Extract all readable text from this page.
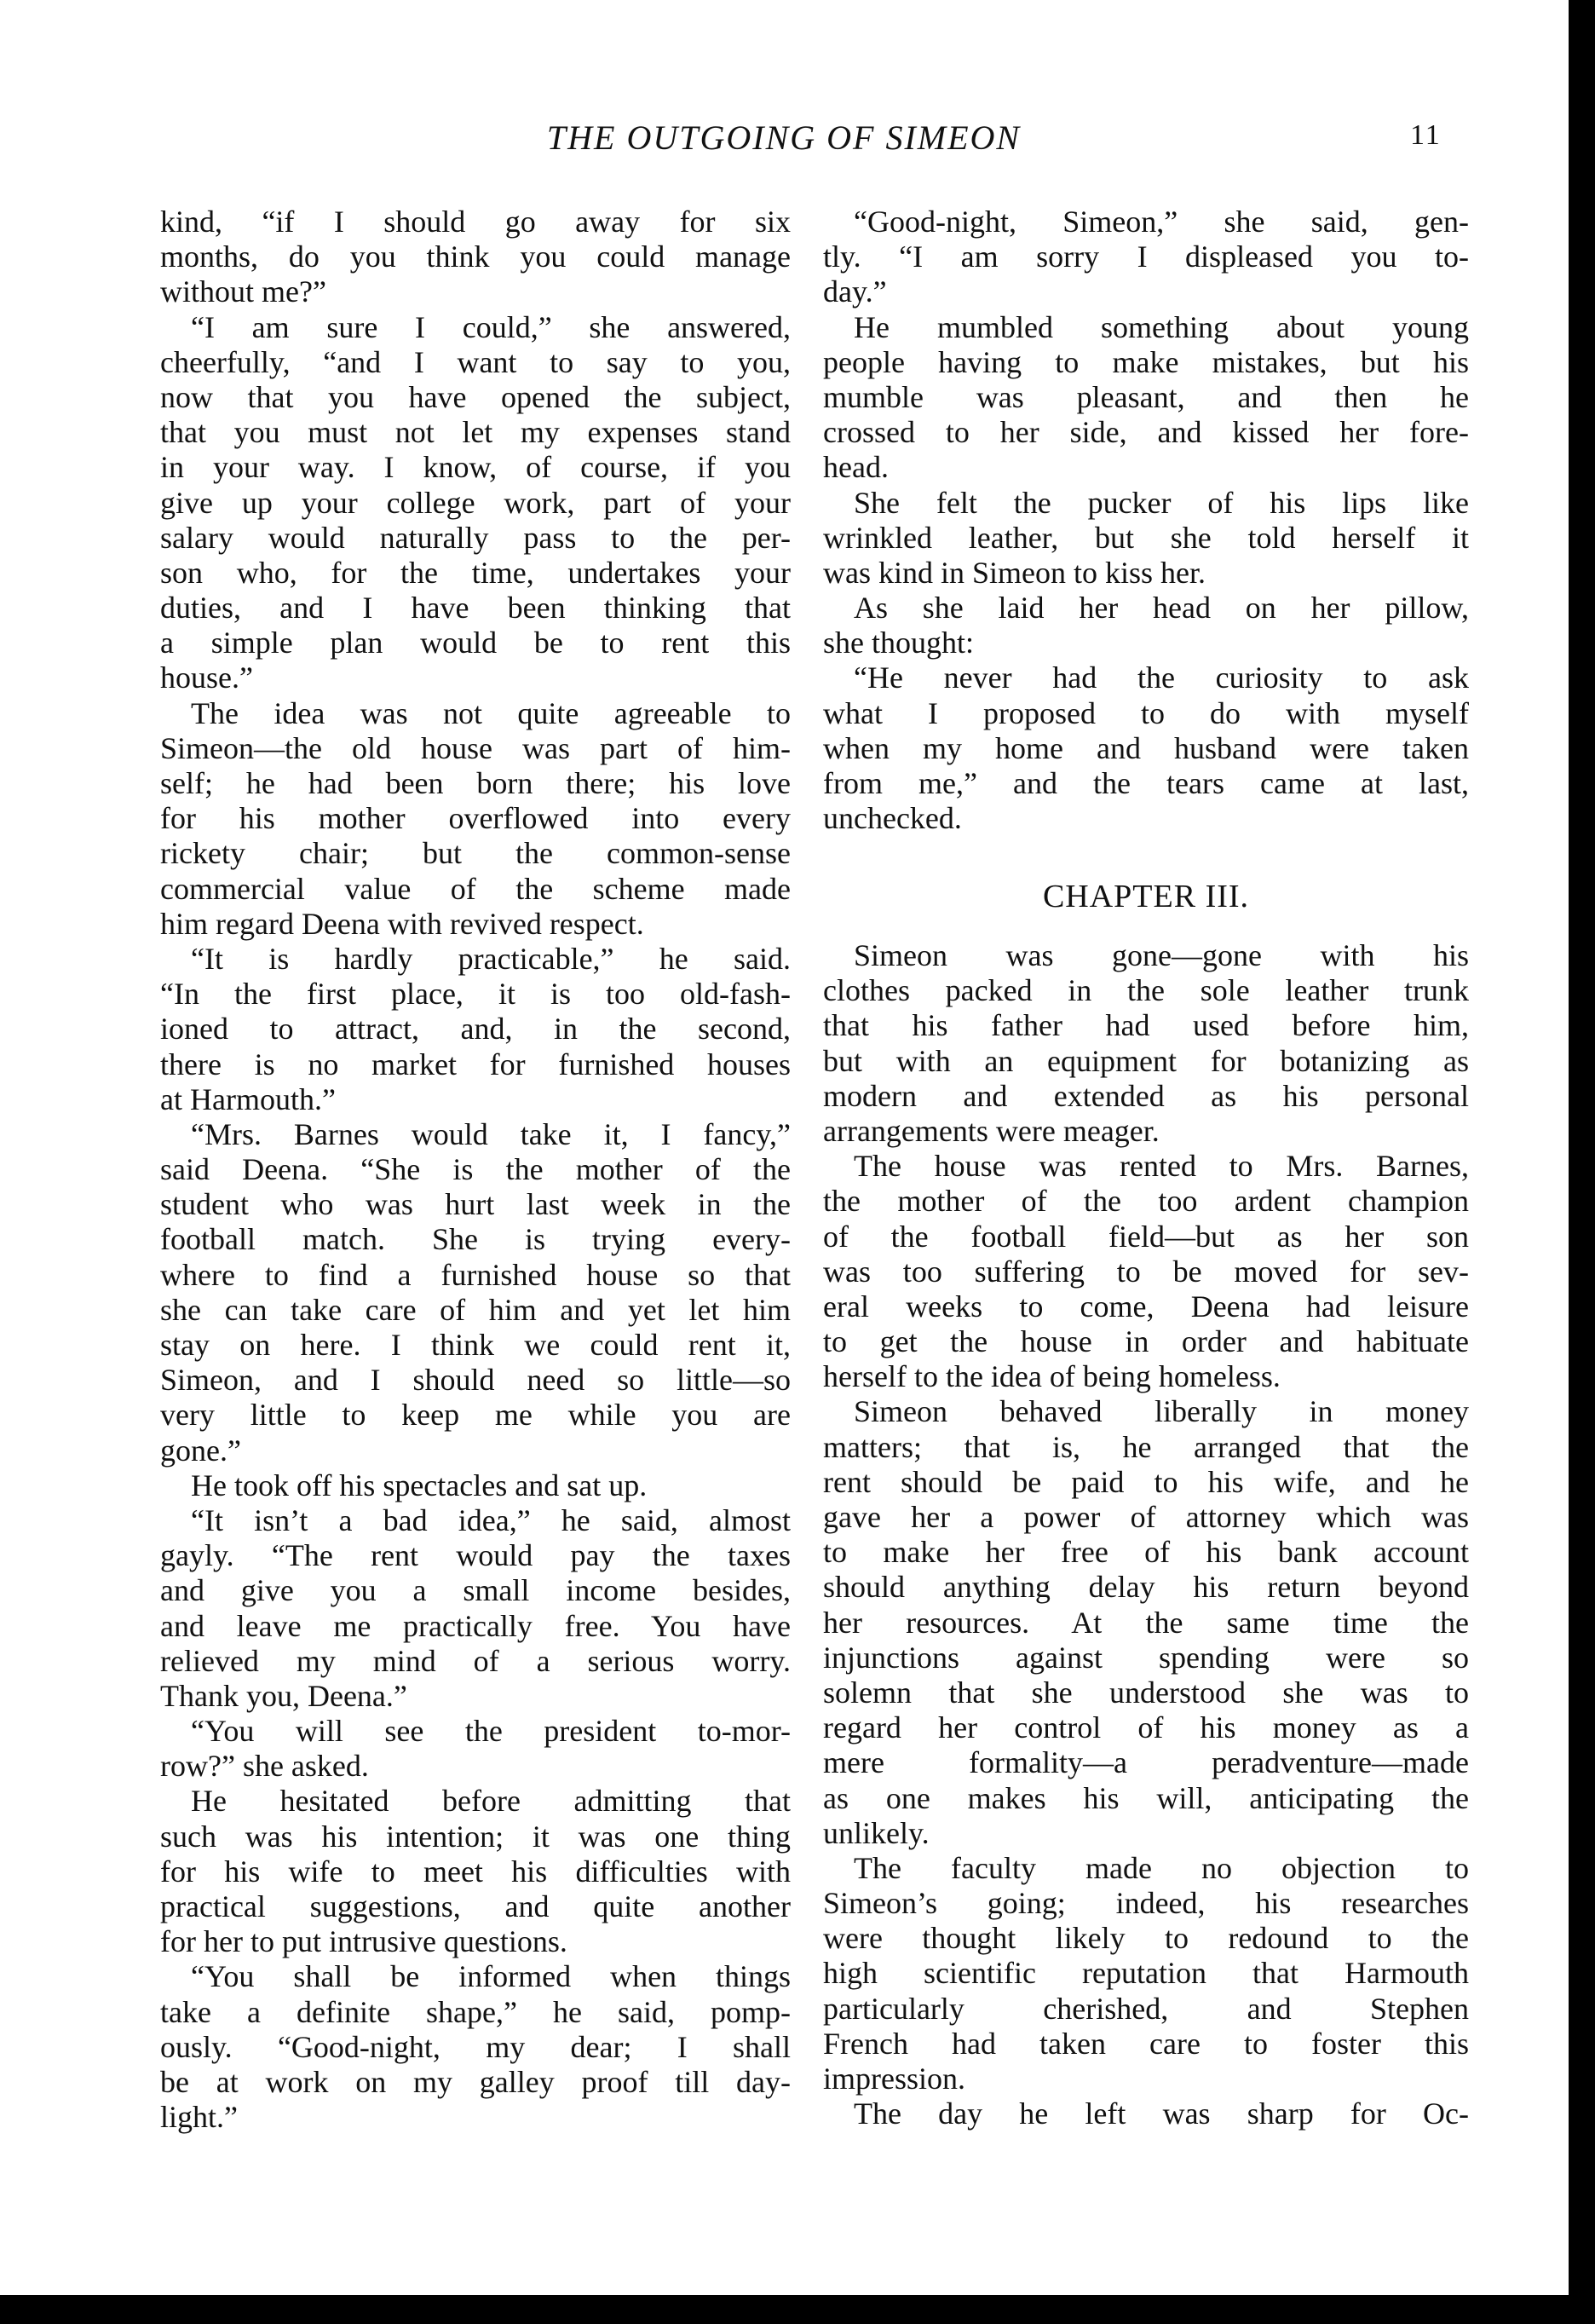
THE OUTGOING OF SIMEON	11
kind, “if I should go away for six
months, do you think you could manage
without me?”
“I am sure I could,” she answered,
cheerfully, “and I want to say to you,
now that you have opened the subject,
that you must not let my expenses stand
in your way. I know, of course, if you
give up your college work, part of your
salary would naturally pass to the per-
son who, for the time, undertakes your
duties, and I have been thinking that
a simple plan would be to rent this
house.”
The idea was not quite agreeable to
Simeon—the old house was part of him-
self; he had been born there; his love
for his mother overflowed into every
rickety chair; but the common-sense
commercial value of the scheme made
him regard Deena with revived respect.
“It is hardly practicable,” he said.
“In the first place, it is too old-fash-
ioned to attract, and, in the second,
there is no market for furnished houses
at Harmouth.”
“Mrs. Barnes would take it, I fancy,”
said Deena. “She is the mother of the
student who was hurt last week in the
football match. She is trying every-
where to find a furnished house so that
she can take care of him and yet let him
stay on here. I think we could rent it,
Simeon, and I should need so little—so
very little to keep me while you are
gone.”
He took off his spectacles and sat up.
“It isn’t a bad idea,” he said, almost
gayly. “The rent would pay the taxes
and give you a small income besides,
and leave me practically free. You have
relieved my mind of a serious worry.
Thank you, Deena.”
“You will see the president to-mor-
row?” she asked.
He hesitated before admitting that
such was his intention; it was one thing
for his wife to meet his difficulties with
practical suggestions, and quite another
for her to put intrusive questions.
“You shall be informed when things
take a definite shape,” he said, pomp-
ously. “Good-night, my dear; I shall
be at work on my galley proof till day-
light.”
“Good-night, Simeon,” she said, gen-
tly. “I am sorry I displeased you to-
day.”
He mumbled something about young
people having to make mistakes, but his
mumble was pleasant, and then he
crossed to her side, and kissed her fore-
head.
She felt the pucker of his lips like
wrinkled leather, but she told herself it
was kind in Simeon to kiss her.
As she laid her head on her pillow,
she thought:
“He never had the curiosity to ask
what I proposed to do with myself
when my home and husband were taken
from me,” and the tears came at last,
unchecked.
CHAPTER III.
Simeon was gone—gone with his
clothes packed in the sole leather trunk
that his father had used before him,
but with an equipment for botanizing as
modern and extended as his personal
arrangements were meager.
The house was rented to Mrs. Barnes,
the mother of the too ardent champion
of the football field—but as her son
was too suffering to be moved for sev-
eral weeks to come, Deena had leisure
to get the house in order and habituate
herself to the idea of being homeless.
Simeon behaved liberally in money
matters; that is, he arranged that the
rent should be paid to his wife, and he
gave her a power of attorney which was
to make her free of his bank account
should anything delay his return beyond
her resources. At the same time the
injunctions against spending were so
solemn that she understood she was to
regard her control of his money as a
mere formality—a peradventure—made
as one makes his will, anticipating the
unlikely.
The faculty made no objection to
Simeon’s going; indeed, his researches
were thought likely to redound to the
high scientific reputation that Harmouth
particularly cherished, and Stephen
French had taken care to foster this
impression.
The day he left was sharp for Oc-
